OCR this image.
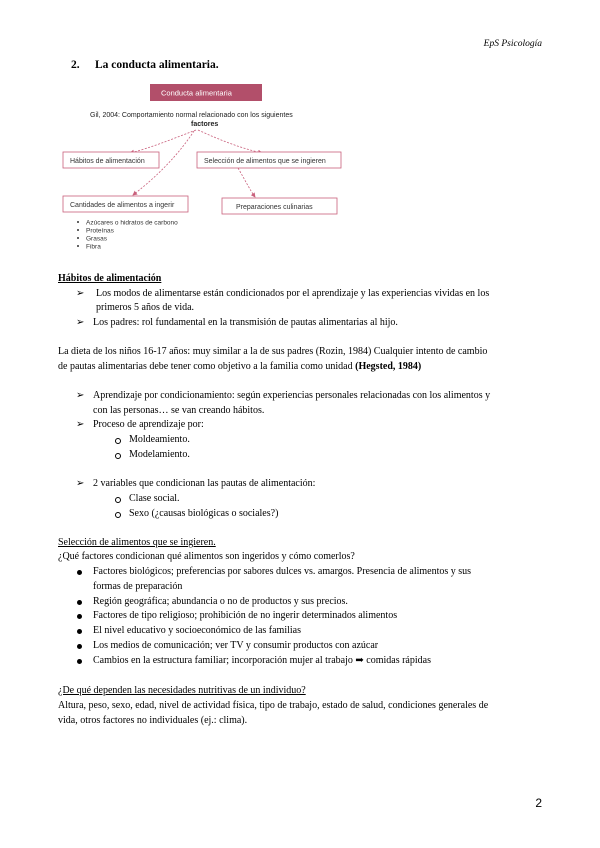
EpS Psicología
2. La conducta alimentaria.
Conducta alimentaria
Gil, 2004: Comportamiento normal relacionado con los siguientes
factores
Hábitos de alimentación	Selección de alimentos que se ingieren
Cantidades de alimentos a ingerir	Preparaciones culinarias
Azúcares o hidratos de carbono
Proteínas
Grasas
Fibra
Hábitos de alimentación
➢ Los modos de alimentarse están condicionados por el aprendizaje y las experiencias vividas en los
primeros 5 años de vida.
➢ Los padres: rol fundamental en la transmisión de pautas alimentarias al hijo.
La dieta de los niños 16-17 años: muy similar a la de sus padres (Rozin, 1984) Cualquier intento de cambio
de pautas alimentarias debe tener como objetivo a la familia como unidad (Hegsted, 1984)
➢ Aprendizaje por condicionamiento: según experiencias personales relacionadas con los alimentos y
con las personas… se van creando hábitos.
➢ Proceso de aprendizaje por:
Moldeamiento.
Modelamiento.
➢ 2 variables que condicionan las pautas de alimentación:
Clase social.
Sexo (¿causas biológicas o sociales?)
Selección de alimentos que se ingieren.
¿Qué factores condicionan qué alimentos son ingeridos y cómo comerlos?
Factores biológicos; preferencias por sabores dulces vs. amargos. Presencia de alimentos y sus
formas de preparación
Región geográfica; abundancia o no de productos y sus precios.
Factores de tipo religioso; prohibición de no ingerir determinados alimentos
El nivel educativo y socioeconómico de las familias
Los medios de comunicación; ver TV y consumir productos con azúcar
Cambios en la estructura familiar; incorporación mujer al trabajo ➡ comidas rápidas
¿De qué dependen las necesidades nutritivas de un individuo?
Altura, peso, sexo, edad, nivel de actividad física, tipo de trabajo, estado de salud, condiciones generales de
vida, otros factores no individuales (ej.: clima).
2
